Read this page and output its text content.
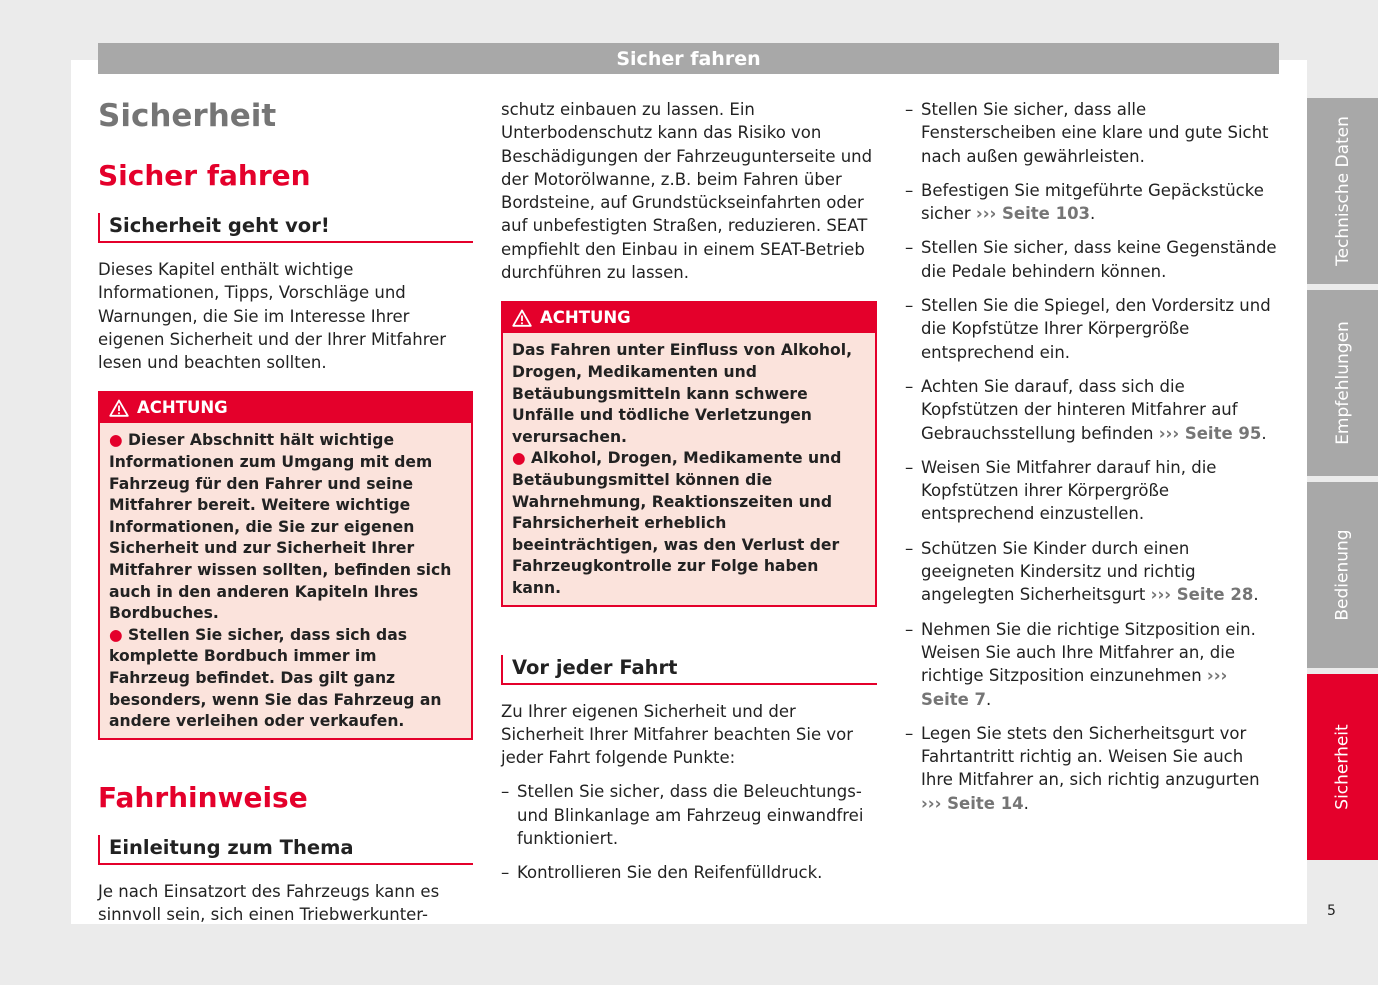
Sicher fahren
Sicherheit
Sicher fahren
Sicherheit geht vor!

Dieses Kapitel enthält wichtige Informationen, Tipps, Vorschläge und Warnungen, die Sie im Interesse Ihrer eigenen Sicherheit und der Ihrer Mitfahrer lesen und beachten sollten.

ACHTUNG

● Dieser Abschnitt hält wichtige Informationen zum Umgang mit dem Fahrzeug für den Fahrer und seine Mitfahrer bereit. Weitere wichtige Informationen, die Sie zur eigenen Sicherheit und zur Sicherheit Ihrer Mitfahrer wissen sollten, befinden sich auch in den anderen Kapiteln Ihres Bordbuches.

● Stellen Sie sicher, dass sich das komplette Bordbuch immer im Fahrzeug befindet. Das gilt ganz besonders, wenn Sie das Fahrzeug an andere verleihen oder verkaufen.

Fahrhinweise
Einleitung zum Thema

Je nach Einsatzort des Fahrzeugs kann es sinnvoll sein, sich einen Triebwerkunter-

schutz einbauen zu lassen. Ein Unterbodenschutz kann das Risiko von Beschädigungen der Fahrzeugunterseite und der Motorölwanne, z.B. beim Fahren über Bordsteine, auf Grundstückseinfahrten oder auf unbefestigten Straßen, reduzieren. SEAT empfiehlt den Einbau in einem SEAT-Betrieb durchführen zu lassen.

ACHTUNG

Das Fahren unter Einfluss von Alkohol, Drogen, Medikamenten und Betäubungsmitteln kann schwere Unfälle und tödliche Verletzungen verursachen.

● Alkohol, Drogen, Medikamente und Betäubungsmittel können die Wahrnehmung, Reaktionszeiten und Fahrsicherheit erheblich beeinträchtigen, was den Verlust der Fahrzeugkontrolle zur Folge haben kann.

Vor jeder Fahrt

Zu Ihrer eigenen Sicherheit und der Sicherheit Ihrer Mitfahrer beachten Sie vor jeder Fahrt folgende Punkte:

– Stellen Sie sicher, dass die Beleuchtungs- und Blinkanlage am Fahrzeug einwandfrei funktioniert.
– Kontrollieren Sie den Reifenfülldruck.
– Stellen Sie sicher, dass alle Fensterscheiben eine klare und gute Sicht nach außen gewährleisten.
– Befestigen Sie mitgeführte Gepäckstücke sicher ››› Seite 103.
– Stellen Sie sicher, dass keine Gegenstände die Pedale behindern können.
– Stellen Sie die Spiegel, den Vordersitz und die Kopfstütze Ihrer Körpergröße entsprechend ein.
– Achten Sie darauf, dass sich die Kopfstützen der hinteren Mitfahrer auf Gebrauchsstellung befinden ››› Seite 95.
– Weisen Sie Mitfahrer darauf hin, die Kopfstützen ihrer Körpergröße entsprechend einzustellen.
– Schützen Sie Kinder durch einen geeigneten Kindersitz und richtig angelegten Sicherheitsgurt ››› Seite 28.
– Nehmen Sie die richtige Sitzposition ein. Weisen Sie auch Ihre Mitfahrer an, die richtige Sitzposition einzunehmen ››› Seite 7.
– Legen Sie stets den Sicherheitsgurt vor Fahrtantritt richtig an. Weisen Sie auch Ihre Mitfahrer an, sich richtig anzugurten ››› Seite 14.
Technische Daten
Empfehlungen
Bedienung
Sicherheit
5
